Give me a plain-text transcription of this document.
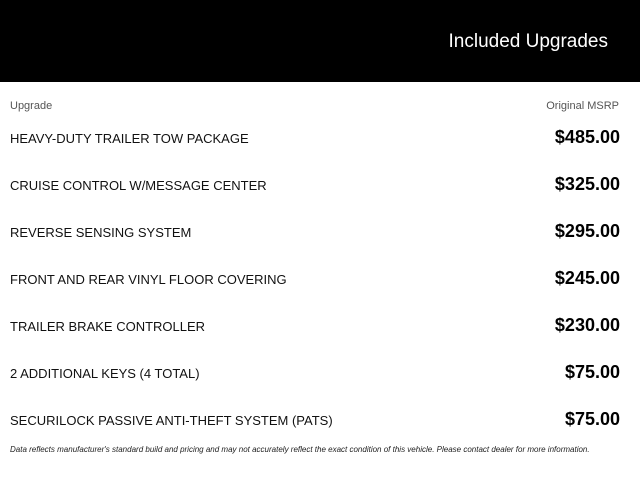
Included Upgrades
Upgrade	Original MSRP
HEAVY-DUTY TRAILER TOW PACKAGE	$485.00
CRUISE CONTROL W/MESSAGE CENTER	$325.00
REVERSE SENSING SYSTEM	$295.00
FRONT AND REAR VINYL FLOOR COVERING	$245.00
TRAILER BRAKE CONTROLLER	$230.00
2 ADDITIONAL KEYS (4 TOTAL)	$75.00
SECURILOCK PASSIVE ANTI-THEFT SYSTEM (PATS)	$75.00
Data reflects manufacturer's standard build and pricing and may not accurately reflect the exact condition of this vehicle. Please contact dealer for more information.
